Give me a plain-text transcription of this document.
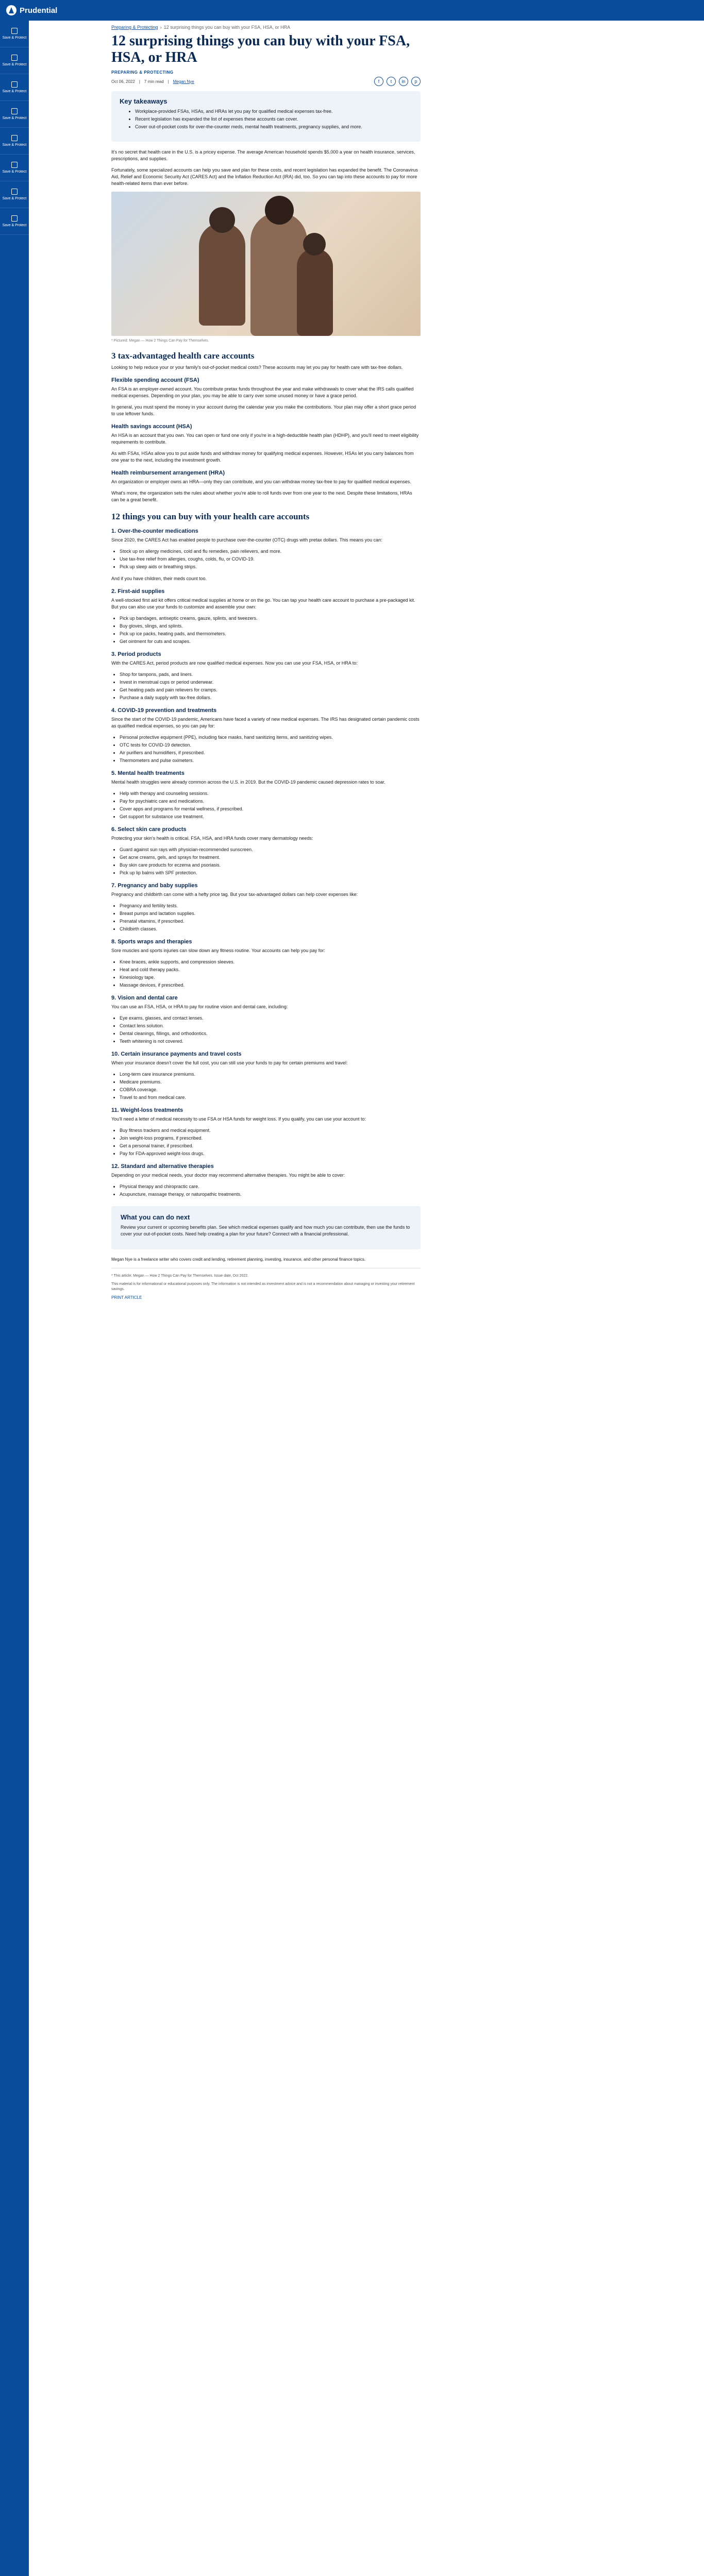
Prudential
Save & Protect
Save & Protect
Save & Protect
Save & Protect
Save & Protect
Save & Protect
Save & Protect
Save & Protect
Preparing & Protecting › 12 surprising things you can buy with your FSA, HSA, or HRA
12 surprising things you can buy with your FSA, HSA, or HRA
PREPARING & PROTECTING
Oct 06, 2022 | 7 min read | Megan Nye	f	t	in	p
Key takeaways
• Workplace-provided FSAs, HSAs, and HRAs let you pay for qualified medical expenses tax-free.
• Recent legislation has expanded the list of expenses these accounts can cover.
• Cover out-of-pocket costs for over-the-counter meds, mental health treatments, pregnancy supplies, and more.

It's no secret that health care in the U.S. is a pricey expense. The average American household spends $5,000 a year on health insurance, services, prescriptions, and supplies.

Fortunately, some specialized accounts can help you save and plan for these costs, and recent legislation has expanded the benefit. The Coronavirus Aid, Relief and Economic Security Act (CARES Act) and the Inflation Reduction Act (IRA) did, too. So you can tap into these accounts to pay for more health-related items than ever before.

* Pictured: Megan — How 2 Things Can Pay for Themselves.
3 tax-advantaged health care accounts

Looking to help reduce your or your family's out-of-pocket medical costs? These accounts may let you pay for health care with tax-free dollars.

Flexible spending account (FSA)

An FSA is an employer-owned account. You contribute pretax funds throughout the year and make withdrawals to cover what the IRS calls qualified medical expenses. Depending on your plan, you may be able to carry over some unused money or have a grace period.

In general, you must spend the money in your account during the calendar year you make the contributions. Your plan may offer a short grace period to use leftover funds.

Health savings account (HSA)

An HSA is an account that you own. You can open or fund one only if you're in a high-deductible health plan (HDHP), and you'll need to meet eligibility requirements to contribute.

As with FSAs, HSAs allow you to put aside funds and withdraw money for qualifying medical expenses. However, HSAs let you carry balances from one year to the next, including the investment growth.

Health reimbursement arrangement (HRA)

An organization or employer owns an HRA—only they can contribute, and you can withdraw money tax-free to pay for qualified medical expenses.

What's more, the organization sets the rules about whether you're able to roll funds over from one year to the next. Despite these limitations, HRAs can be a great benefit.

12 things you can buy with your health care accounts
1. Over-the-counter medications

Since 2020, the CARES Act has enabled people to purchase over-the-counter (OTC) drugs with pretax dollars. This means you can:

• Stock up on allergy medicines, cold and flu remedies, pain relievers, and more.
• Use tax-free relief from allergies, coughs, colds, flu, or COVID-19.
• Pick up sleep aids or breathing strips.

And if you have children, their meds count too.

2. First-aid supplies

A well-stocked first aid kit offers critical medical supplies at home or on the go. You can tap your health care account to purchase a pre-packaged kit. But you can also use your funds to customize and assemble your own:

• Pick up bandages, antiseptic creams, gauze, splints, and tweezers.
• Buy gloves, slings, and splints.
• Pick up ice packs, heating pads, and thermometers.
• Get ointment for cuts and scrapes.
3. Period products

With the CARES Act, period products are now qualified medical expenses. Now you can use your FSA, HSA, or HRA to:

• Shop for tampons, pads, and liners.
• Invest in menstrual cups or period underwear.
• Get heating pads and pain relievers for cramps.
• Purchase a daily supply with tax-free dollars.
4. COVID-19 prevention and treatments

Since the start of the COVID-19 pandemic, Americans have faced a variety of new medical expenses. The IRS has designated certain pandemic costs as qualified medical expenses, so you can pay for:

• Personal protective equipment (PPE), including face masks, hand sanitizing items, and sanitizing wipes.
• OTC tests for COVID-19 detection.
• Air purifiers and humidifiers, if prescribed.
• Thermometers and pulse oximeters.
5. Mental health treatments

Mental health struggles were already common across the U.S. in 2019. But the COVID-19 pandemic caused depression rates to soar.

• Help with therapy and counseling sessions.
• Pay for psychiatric care and medications.
• Cover apps and programs for mental wellness, if prescribed.
• Get support for substance use treatment.
6. Select skin care products

Protecting your skin's health is critical. FSA, HSA, and HRA funds cover many dermatology needs:

• Guard against sun rays with physician-recommended sunscreen.
• Get acne creams, gels, and sprays for treatment.
• Buy skin care products for eczema and psoriasis.
• Pick up lip balms with SPF protection.
7. Pregnancy and baby supplies

Pregnancy and childbirth can come with a hefty price tag. But your tax-advantaged dollars can help cover expenses like:

• Pregnancy and fertility tests.
• Breast pumps and lactation supplies.
• Prenatal vitamins, if prescribed.
• Childbirth classes.
8. Sports wraps and therapies

Sore muscles and sports injuries can slow down any fitness routine. Your accounts can help you pay for:

• Knee braces, ankle supports, and compression sleeves.
• Heat and cold therapy packs.
• Kinesiology tape.
• Massage devices, if prescribed.
9. Vision and dental care

You can use an FSA, HSA, or HRA to pay for routine vision and dental care, including:

• Eye exams, glasses, and contact lenses.
• Contact lens solution.
• Dental cleanings, fillings, and orthodontics.
• Teeth whitening is not covered.
10. Certain insurance payments and travel costs

When your insurance doesn't cover the full cost, you can still use your funds to pay for certain premiums and travel:

• Long-term care insurance premiums.
• Medicare premiums.
• COBRA coverage.
• Travel to and from medical care.
11. Weight-loss treatments

You'll need a letter of medical necessity to use FSA or HSA funds for weight loss. If you qualify, you can use your account to:

• Buy fitness trackers and medical equipment.
• Join weight-loss programs, if prescribed.
• Get a personal trainer, if prescribed.
• Pay for FDA-approved weight-loss drugs.
12. Standard and alternative therapies

Depending on your medical needs, your doctor may recommend alternative therapies. You might be able to cover:

• Physical therapy and chiropractic care.
• Acupuncture, massage therapy, or naturopathic treatments.
What you can do next

Review your current or upcoming benefits plan. See which medical expenses qualify and how much you can contribute, then use the funds to cover your out-of-pocket costs. Need help creating a plan for your future? Connect with a financial professional.

Megan Nye is a freelance writer who covers credit and lending, retirement planning, investing, insurance, and other personal finance topics.

* This article: Megan — How 2 Things Can Pay for Themselves. Issue date, Oct 2022.

This material is for informational or educational purposes only. The information is not intended as investment advice and is not a recommendation about managing or investing your retirement savings.

PRINT ARTICLE
